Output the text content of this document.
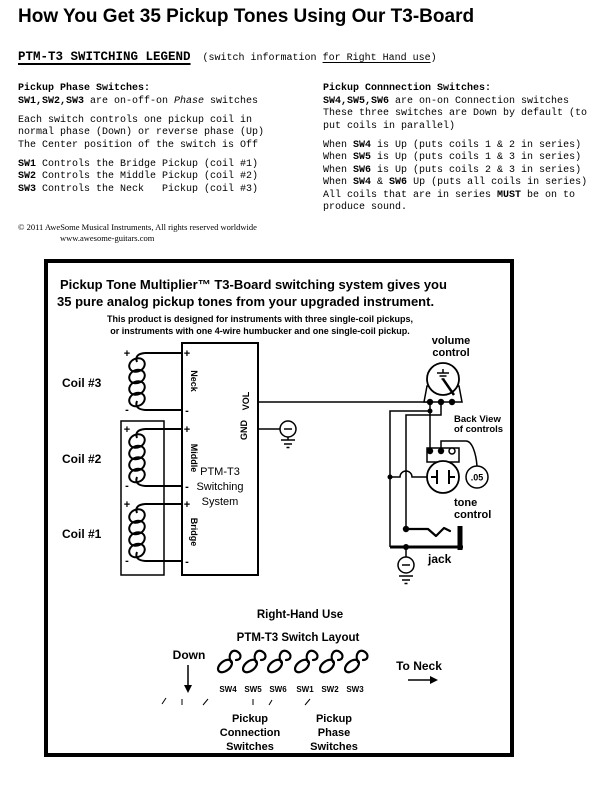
How You Get 35 Pickup Tones Using Our T3-Board
PTM-T3 SWITCHING LEGEND (switch information for Right Hand use)
Pickup Phase Switches:
SW1,SW2,SW3 are on-off-on Phase switches
Each switch controls one pickup coil in
normal phase (Down) or reverse phase (Up)
The Center position of the switch is Off
SW1 Controls the Bridge Pickup (coil #1)
SW2 Controls the Middle Pickup (coil #2)
SW3 Controls the Neck   Pickup (coil #3)
Pickup Connnection Switches:
SW4,SW5,SW6 are on-on Connection switches
These three switches are Down by default (to
put coils in parallel)
When SW4 is Up (puts coils 1 & 2 in series)
When SW5 is Up (puts coils 1 & 3 in series)
When SW6 is Up (puts coils 2 & 3 in series)
When SW4 & SW6 Up (puts all coils in series)
All coils that are in series MUST be on to
produce sound.
© 2011 AweSome Musical Instruments, All rights reserved worldwide
www.awesome-guitars.com
Pickup Tone Multiplier™ T3-Board switching system gives you
35 pure analog pickup tones from your upgraded instrument.
This product is designed for instruments with three single-coil pickups,
or instruments with one 4-wire humbucker and one single-coil pickup.
Coil #3
Coil #2
Coil #1
+
-
+
-
+
-
PTM-T3
Switching
System
+
-
+
-
+
-
Neck
Middle
Bridge
VOL
GND
volume
control
Back View
of controls
.05
tone
control
jack
Right-Hand Use
PTM-T3 Switch Layout
Down
SW4 SW5 SW6 SW1 SW2 SW3
To Neck
Pickup
Connection
Switches
Pickup
Phase
Switches
